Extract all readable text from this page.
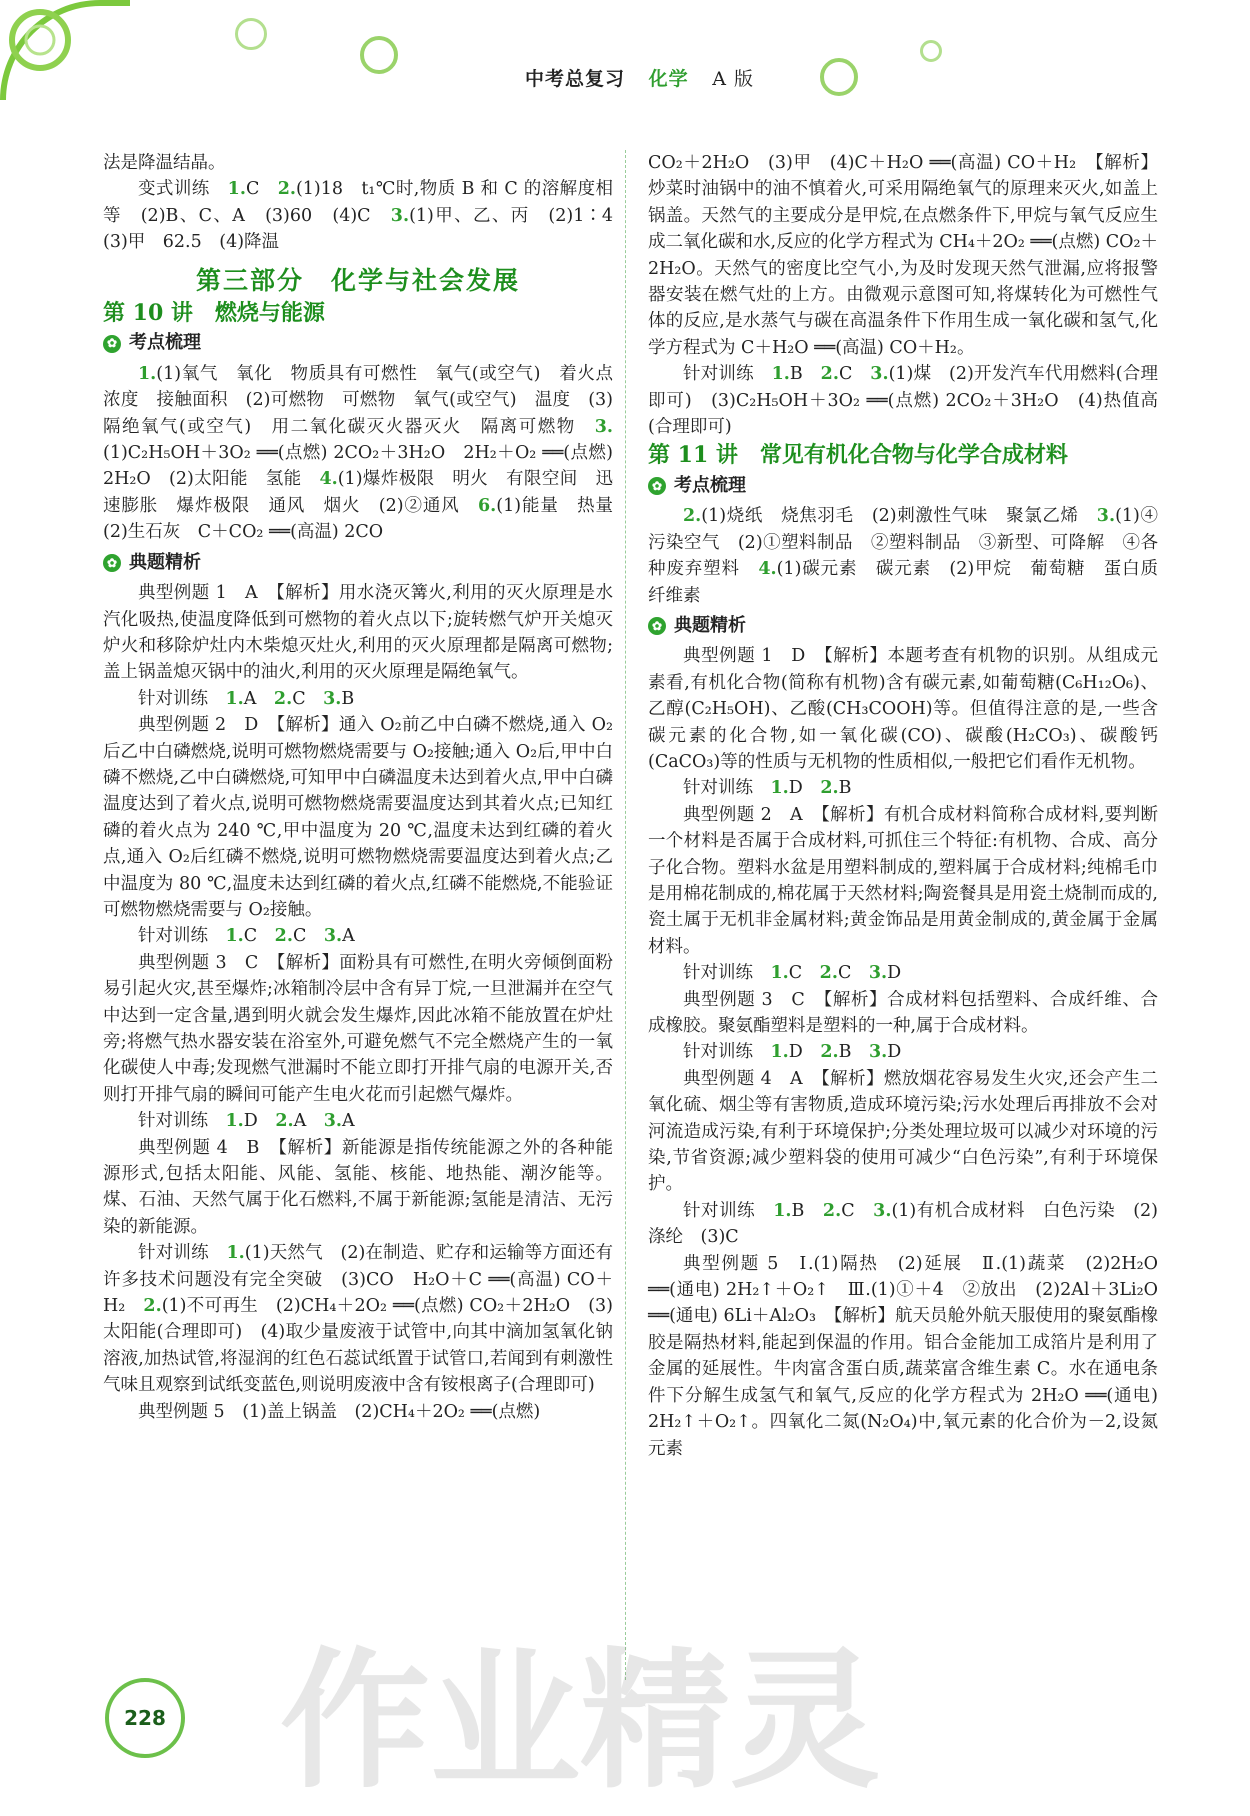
中考总复习 化学 A 版

法是降温结晶。

变式训练　1.C　2.(1)18　t₁℃时,物质 B 和 C 的溶解度相等　(2)B、C、A　(3)60　(4)C　3.(1)甲、乙、丙　(2)1∶4　(3)甲　62.5　(4)降温

第三部分　化学与社会发展
第 10 讲　燃烧与能源
✿ 考点梳理

1.(1)氧气　氧化　物质具有可燃性　氧气(或空气)　着火点　浓度　接触面积　(2)可燃物　可燃物　氧气(或空气)　温度　(3)隔绝氧气(或空气)　用二氧化碳灭火器灭火　隔离可燃物　3.(1)C₂H₅OH＋3O₂ ══(点燃) 2CO₂＋3H₂O　2H₂＋O₂ ══(点燃) 2H₂O　(2)太阳能　氢能　4.(1)爆炸极限　明火　有限空间　迅速膨胀　爆炸极限　通风　烟火　(2)②通风　6.(1)能量　热量　(2)生石灰　C＋CO₂ ══(高温) 2CO

✿ 典题精析

典型例题 1　A　【解析】用水浇灭篝火,利用的灭火原理是水汽化吸热,使温度降低到可燃物的着火点以下;旋转燃气炉开关熄灭炉火和移除炉灶内木柴熄灭灶火,利用的灭火原理都是隔离可燃物;盖上锅盖熄灭锅中的油火,利用的灭火原理是隔绝氧气。

针对训练　1.A　2.C　3.B

典型例题 2　D　【解析】通入 O₂前乙中白磷不燃烧,通入 O₂后乙中白磷燃烧,说明可燃物燃烧需要与 O₂接触;通入 O₂后,甲中白磷不燃烧,乙中白磷燃烧,可知甲中白磷温度未达到着火点,甲中白磷温度达到了着火点,说明可燃物燃烧需要温度达到其着火点;已知红磷的着火点为 240 ℃,甲中温度为 20 ℃,温度未达到红磷的着火点,通入 O₂后红磷不燃烧,说明可燃物燃烧需要温度达到着火点;乙中温度为 80 ℃,温度未达到红磷的着火点,红磷不能燃烧,不能验证可燃物燃烧需要与 O₂接触。

针对训练　1.C　2.C　3.A

典型例题 3　C　【解析】面粉具有可燃性,在明火旁倾倒面粉易引起火灾,甚至爆炸;冰箱制冷层中含有异丁烷,一旦泄漏并在空气中达到一定含量,遇到明火就会发生爆炸,因此冰箱不能放置在炉灶旁;将燃气热水器安装在浴室外,可避免燃气不完全燃烧产生的一氧化碳使人中毒;发现燃气泄漏时不能立即打开排气扇的电源开关,否则打开排气扇的瞬间可能产生电火花而引起燃气爆炸。

针对训练　1.D　2.A　3.A

典型例题 4　B　【解析】新能源是指传统能源之外的各种能源形式,包括太阳能、风能、氢能、核能、地热能、潮汐能等。煤、石油、天然气属于化石燃料,不属于新能源;氢能是清洁、无污染的新能源。

针对训练　1.(1)天然气　(2)在制造、贮存和运输等方面还有许多技术问题没有完全突破　(3)CO　H₂O＋C ══(高温) CO＋H₂　2.(1)不可再生　(2)CH₄＋2O₂ ══(点燃) CO₂＋2H₂O　(3)太阳能(合理即可)　(4)取少量废液于试管中,向其中滴加氢氧化钠溶液,加热试管,将湿润的红色石蕊试纸置于试管口,若闻到有刺激性气味且观察到试纸变蓝色,则说明废液中含有铵根离子(合理即可)

典型例题 5　(1)盖上锅盖　(2)CH₄＋2O₂ ══(点燃)

CO₂＋2H₂O　(3)甲　(4)C＋H₂O ══(高温) CO＋H₂　【解析】炒菜时油锅中的油不慎着火,可采用隔绝氧气的原理来灭火,如盖上锅盖。天然气的主要成分是甲烷,在点燃条件下,甲烷与氧气反应生成二氧化碳和水,反应的化学方程式为 CH₄＋2O₂ ══(点燃) CO₂＋2H₂O。天然气的密度比空气小,为及时发现天然气泄漏,应将报警器安装在燃气灶的上方。由微观示意图可知,将煤转化为可燃性气体的反应,是水蒸气与碳在高温条件下作用生成一氧化碳和氢气,化学方程式为 C＋H₂O ══(高温) CO＋H₂。

针对训练　1.B　2.C　3.(1)煤　(2)开发汽车代用燃料(合理即可)　(3)C₂H₅OH＋3O₂ ══(点燃) 2CO₂＋3H₂O　(4)热值高(合理即可)

第 11 讲　常见有机化合物与化学合成材料
✿ 考点梳理

2.(1)烧纸　烧焦羽毛　(2)刺激性气味　聚氯乙烯　3.(1)④污染空气　(2)①塑料制品　②塑料制品　③新型、可降解　④各种废弃塑料　4.(1)碳元素　碳元素　(2)甲烷　葡萄糖　蛋白质　纤维素

✿ 典题精析

典型例题 1　D　【解析】本题考查有机物的识别。从组成元素看,有机化合物(简称有机物)含有碳元素,如葡萄糖(C₆H₁₂O₆)、乙醇(C₂H₅OH)、乙酸(CH₃COOH)等。但值得注意的是,一些含碳元素的化合物,如一氧化碳(CO)、碳酸(H₂CO₃)、碳酸钙(CaCO₃)等的性质与无机物的性质相似,一般把它们看作无机物。

针对训练　1.D　2.B

典型例题 2　A　【解析】有机合成材料简称合成材料,要判断一个材料是否属于合成材料,可抓住三个特征:有机物、合成、高分子化合物。塑料水盆是用塑料制成的,塑料属于合成材料;纯棉毛巾是用棉花制成的,棉花属于天然材料;陶瓷餐具是用瓷土烧制而成的,瓷土属于无机非金属材料;黄金饰品是用黄金制成的,黄金属于金属材料。

针对训练　1.C　2.C　3.D

典型例题 3　C　【解析】合成材料包括塑料、合成纤维、合成橡胶。聚氨酯塑料是塑料的一种,属于合成材料。

针对训练　1.D　2.B　3.D

典型例题 4　A　【解析】燃放烟花容易发生火灾,还会产生二氧化硫、烟尘等有害物质,造成环境污染;污水处理后再排放不会对河流造成污染,有利于环境保护;分类处理垃圾可以减少对环境的污染,节省资源;减少塑料袋的使用可减少“白色污染”,有利于环境保护。

针对训练　1.B　2.C　3.(1)有机合成材料　白色污染　(2)涤纶　(3)C

典型例题 5　Ⅰ.(1)隔热　(2)延展　Ⅱ.(1)蔬菜　(2)2H₂O ══(通电) 2H₂↑＋O₂↑　Ⅲ.(1)①＋4　②放出　(2)2Al＋3Li₂O ══(通电) 6Li＋Al₂O₃　【解析】航天员舱外航天服使用的聚氨酯橡胶是隔热材料,能起到保温的作用。铝合金能加工成箔片是利用了金属的延展性。牛肉富含蛋白质,蔬菜富含维生素 C。水在通电条件下分解生成氢气和氧气,反应的化学方程式为 2H₂O ══(通电) 2H₂↑＋O₂↑。四氧化二氮(N₂O₄)中,氧元素的化合价为－2,设氮元素

作业精灵
228
